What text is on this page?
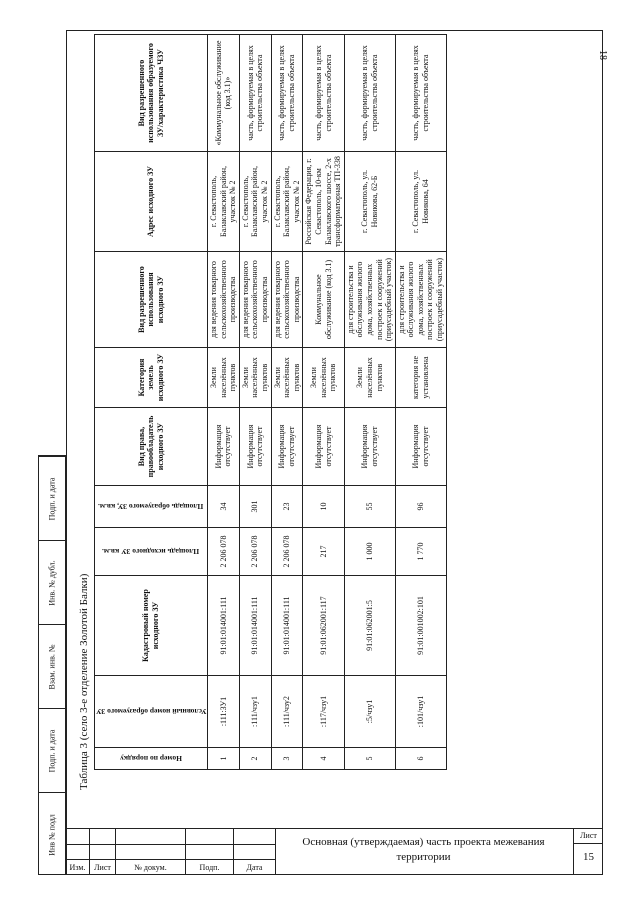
18
Подп. и дата
Инв. № дубл.
Взам. инв. №
Подп. и дата
Инв № подл
Таблица 3 (село 3-е отделение Золотой Балки)	Номер по порядку	Условный номер образуемого ЗУ	Кадастровый номер исходного ЗУ	Площадь исходного ЗУ кв.м.	Площадь образуемого ЗУ, кв.м.	Вид права, правообладатель исходного ЗУ	Категория земель исходного ЗУ	Вид разрешенного использования исходного ЗУ	Адрес исходного ЗУ	Вид разрешенного использования образуемого ЗУ/характеристика ЧЗУ
1	:111:ЗУ1	91:01:014001:111	2 206 078	34	Информация отсутствует	Земли населённых пунктов	для ведения товарного сельскохозяйственного производства	г. Севастополь, Балаклавский район, участок № 2	«Коммунальное обслуживание (код 3.1)»
2	:111/чзу1	91:01:014001:111	2 206 078	301	Информация отсутствует	Земли населённых пунктов	для ведения товарного сельскохозяйственного производства	г. Севастополь, Балаклавский район, участок № 2	часть, формируемая в целях строительства объекта
3	:111/чзу2	91:01:014001:111	2 206 078	23	Информация отсутствует	Земли населённых пунктов	для ведения товарного сельскохозяйственного производства	г. Севастополь, Балаклавский район, участок № 2	часть, формируемая в целях строительства объекта
4	:117/чзу1	91:01:062001:117	217	10	Информация отсутствует	Земли населённых пунктов	Коммунальное обслуживание (код 3.1)	Российская Федерация, г. Севастополь, 10-км Балаклавского шоссе, 2-х трансформаторная ТП-338	часть, формируемая в целях строительства объекта
5	:5/чзу1	91:01:062001:5	1 000	55	Информация отсутствует	Земли населённых пунктов	для строительства и обслуживания жилого дома, хозяйственных построек и сооружений (приусадебный участок)	г. Севастополь, ул. Новикова, 62-Б	часть, формируемая в целях строительства объекта
6	:101/чзу1	91:01:001002:101	1 770	96	Информация отсутствует	категория не установлена	для строительства и обслуживания жилого дома, хозяйственных построек и сооружений (приусадебный участок)	г. Севастополь, ул. Новикова, 64	часть, формируемая в целях строительства объекта
Изм.	Лист	№ докум.	Подп.	Дата
Основная (утверждаемая) часть проекта межевания территории
Лист
15
